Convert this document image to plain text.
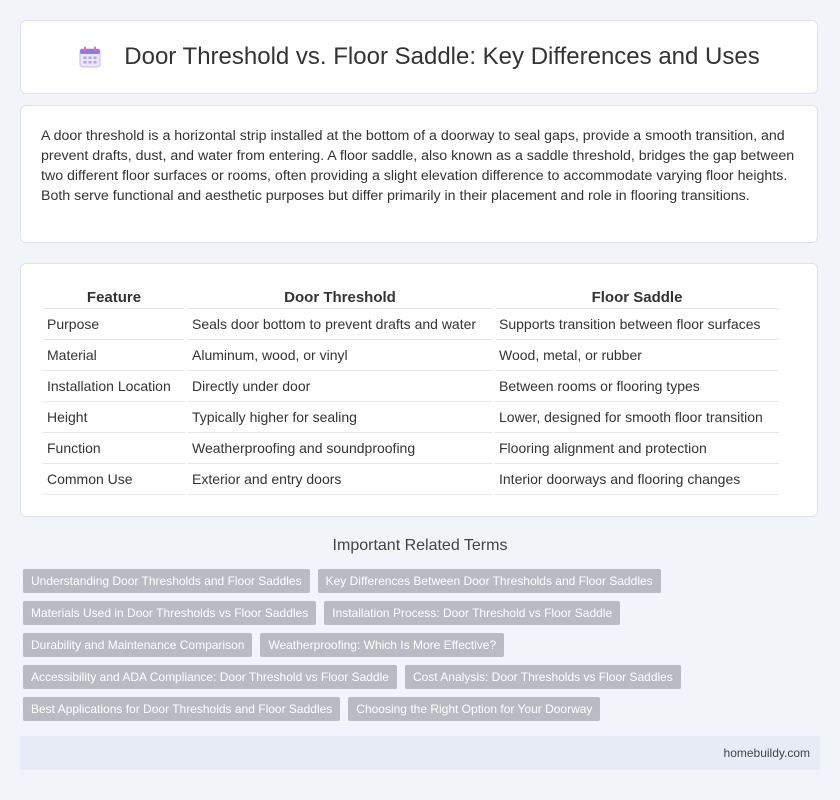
Door Threshold vs. Floor Saddle: Key Differences and Uses

A door threshold is a horizontal strip installed at the bottom of a doorway to seal gaps, provide a smooth transition, and prevent drafts, dust, and water from entering. A floor saddle, also known as a saddle threshold, bridges the gap between two different floor surfaces or rooms, often providing a slight elevation difference to accommodate varying floor heights. Both serve functional and aesthetic purposes but differ primarily in their placement and role in flooring transitions.

Feature	Door Threshold	Floor Saddle
Purpose	Seals door bottom to prevent drafts and water	Supports transition between floor surfaces
Material	Aluminum, wood, or vinyl	Wood, metal, or rubber
Installation Location	Directly under door	Between rooms or flooring types
Height	Typically higher for sealing	Lower, designed for smooth floor transition
Function	Weatherproofing and soundproofing	Flooring alignment and protection
Common Use	Exterior and entry doors	Interior doorways and flooring changes
Important Related Terms
Understanding Door Thresholds and Floor Saddles	Key Differences Between Door Thresholds and Floor Saddles
Materials Used in Door Thresholds vs Floor Saddles	Installation Process: Door Threshold vs Floor Saddle
Durability and Maintenance Comparison	Weatherproofing: Which Is More Effective?
Accessibility and ADA Compliance: Door Threshold vs Floor Saddle	Cost Analysis: Door Thresholds vs Floor Saddles
Best Applications for Door Thresholds and Floor Saddles	Choosing the Right Option for Your Doorway
homebuildy.com
